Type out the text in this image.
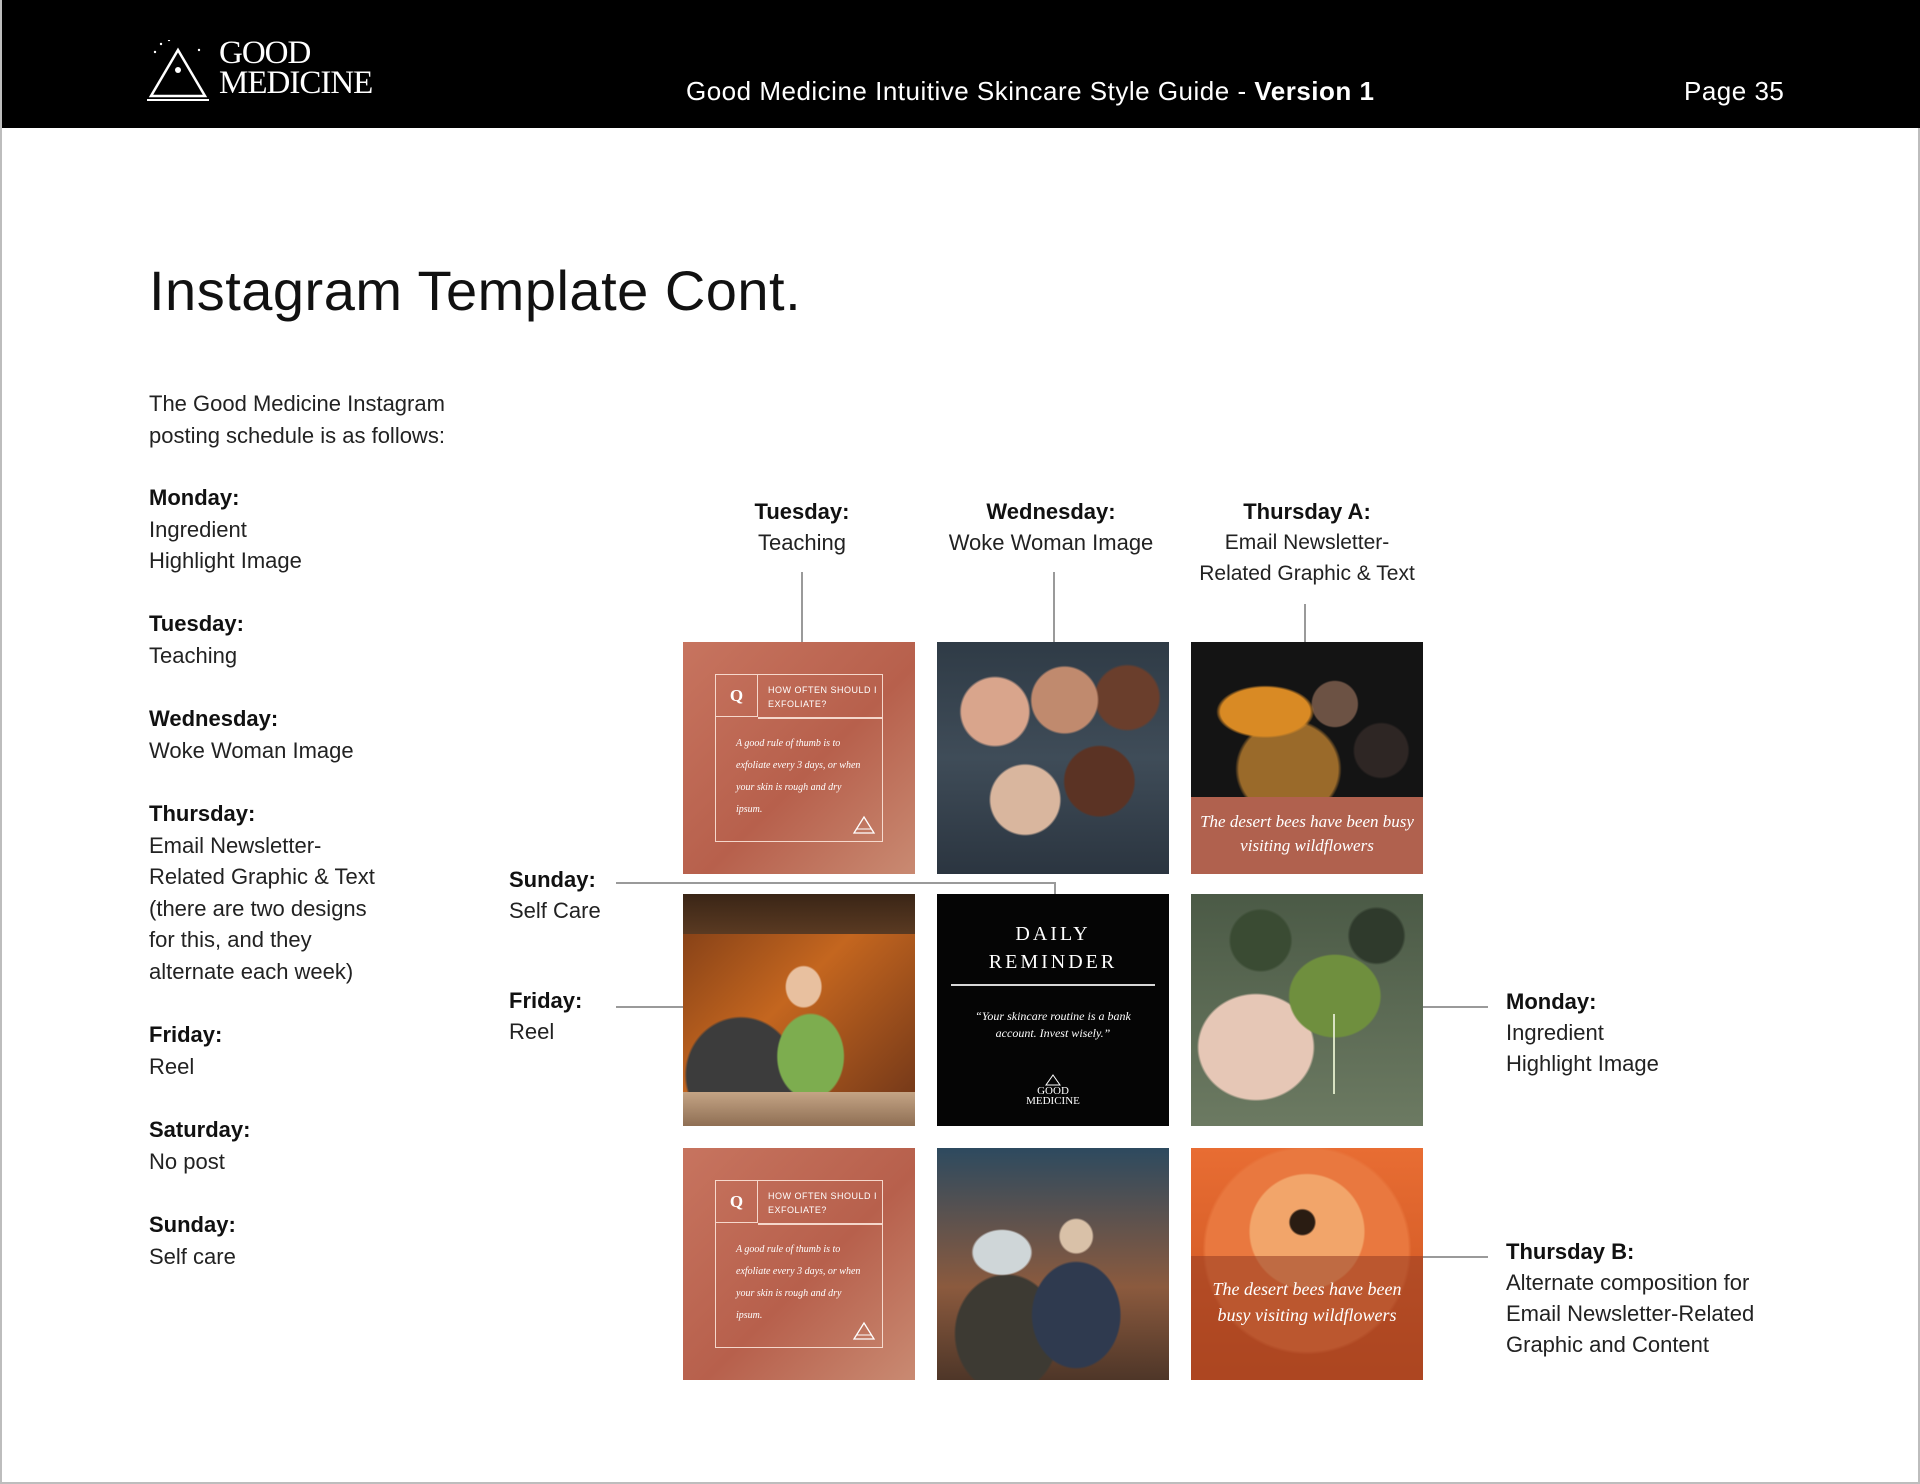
GOOD
MEDICINE	Good Medicine Intuitive Skincare Style Guide - Version 1	Page 35
Instagram Template Cont.
The Good Medicine Instagram posting schedule is as follows:
Monday:
Ingredient
Highlight Image
Tuesday:
Teaching
Wednesday:
Woke Woman Image
Thursday:
Email Newsletter-
Related Graphic & Text
(there are two designs
for this, and they
alternate each week)
Friday:
Reel
Saturday:
No post
Sunday:
Self care
Tuesday:
Teaching
Wednesday:
Woke Woman Image
Thursday A:
Email Newsletter-
Related Graphic & Text
Sunday:
Self Care
Friday:
Reel
Monday:
Ingredient
Highlight Image
Thursday B:
Alternate composition for
Email Newsletter-Related
Graphic and Content
Q	HOW OFTEN SHOULD I EXFOLIATE?
A good rule of thumb is to exfoliate every 3 days, or when your skin is rough and dry ipsum.
The desert bees have been busy visiting wildflowers
DAILY
REMINDER
“Your skincare routine is a bank account. Invest wisely.”
GOOD
MEDICINE
Q	HOW OFTEN SHOULD I EXFOLIATE?
A good rule of thumb is to exfoliate every 3 days, or when your skin is rough and dry ipsum.
The desert bees have been busy visiting wildflowers
